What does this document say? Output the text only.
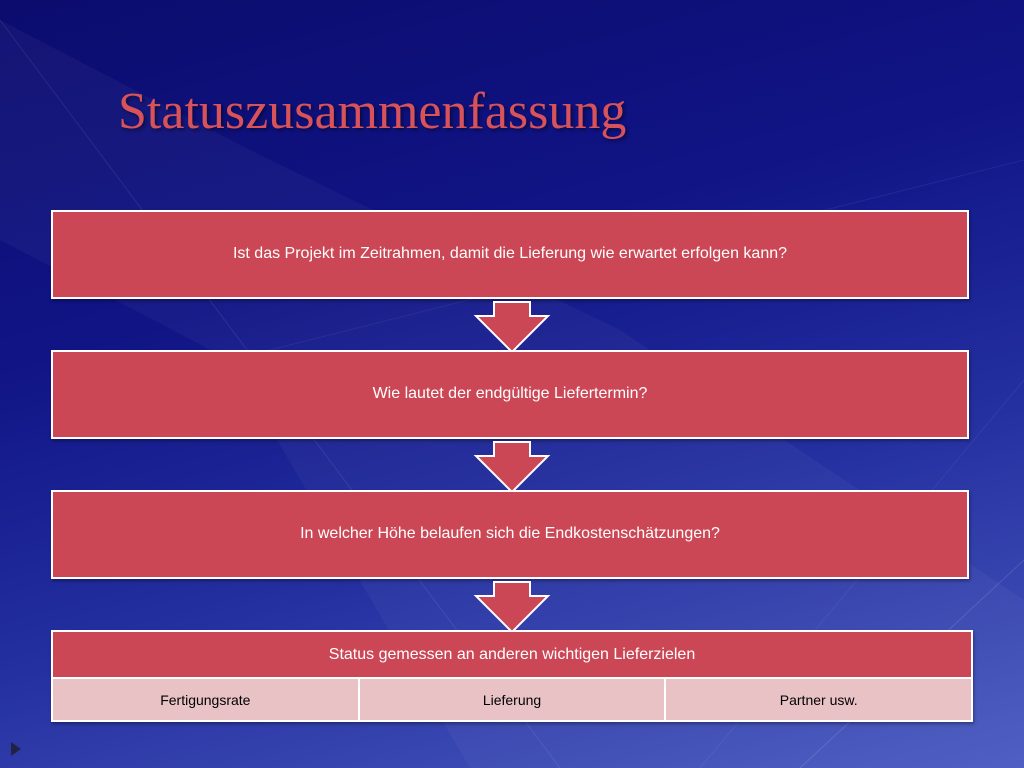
Statuszusammenfassung
Ist das Projekt im Zeitrahmen, damit die Lieferung wie erwartet erfolgen kann?
Wie lautet der endgültige Liefertermin?
In welcher Höhe belaufen sich die Endkostenschätzungen?
Status gemessen an anderen wichtigen Lieferzielen
Fertigungsrate	Lieferung	Partner usw.
